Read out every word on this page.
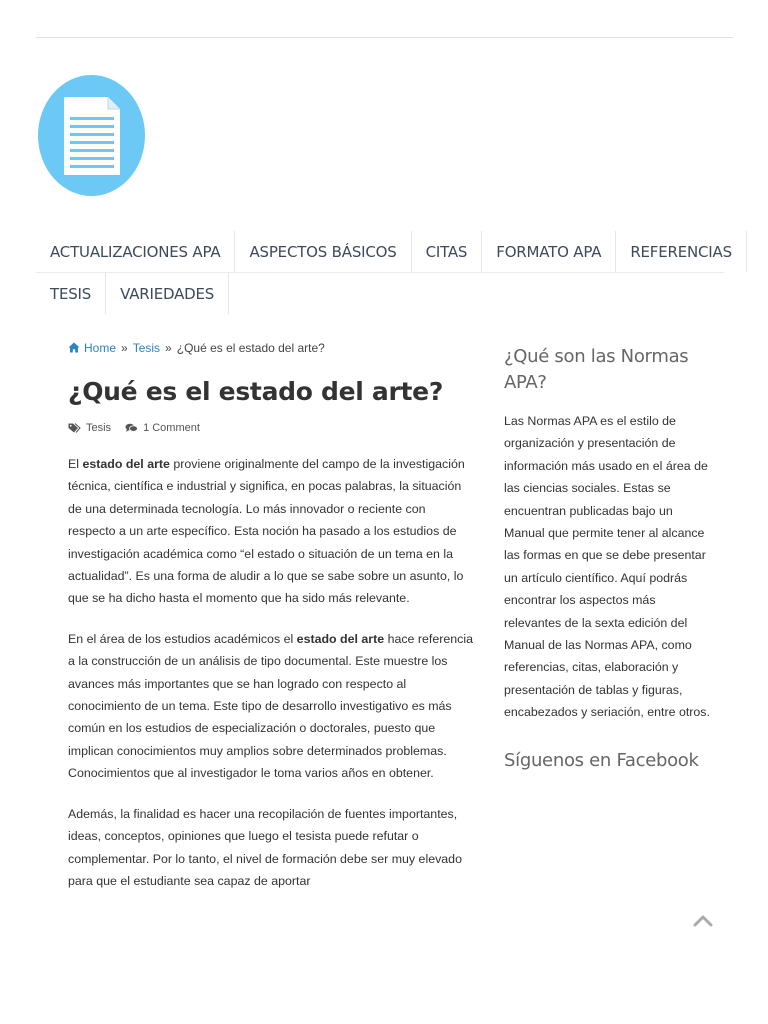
ACTUALIZACIONES APA	ASPECTOS BÁSICOS	CITAS	FORMATO APA	REFERENCIAS
TESIS	VARIEDADES
Home » Tesis » ¿Qué es el estado del arte?
¿Qué es el estado del arte?
Tesis	1 Comment

El estado del arte proviene originalmente del campo de la investigación técnica, científica e industrial y significa, en pocas palabras, la situación de una determinada tecnología. Lo más innovador o reciente con respecto a un arte específico. Esta noción ha pasado a los estudios de investigación académica como “el estado o situación de un tema en la actualidad”. Es una forma de aludir a lo que se sabe sobre un asunto, lo que se ha dicho hasta el momento que ha sido más relevante.

En el área de los estudios académicos el estado del arte hace referencia a la construcción de un análisis de tipo documental. Este muestre los avances más importantes que se han logrado con respecto al conocimiento de un tema. Este tipo de desarrollo investigativo es más común en los estudios de especialización o doctorales, puesto que implican conocimientos muy amplios sobre determinados problemas. Conocimientos que al investigador le toma varios años en obtener.

Además, la finalidad es hacer una recopilación de fuentes importantes, ideas, conceptos, opiniones que luego el tesista puede refutar o complementar. Por lo tanto, el nivel de formación debe ser muy elevado para que el estudiante sea capaz de aportar

¿Qué son las Normas APA?

Las Normas APA es el estilo de organización y presentación de información más usado en el área de las ciencias sociales. Estas se encuentran publicadas bajo un Manual que permite tener al alcance las formas en que se debe presentar un artículo científico. Aquí podrás encontrar los aspectos más relevantes de la sexta edición del Manual de las Normas APA, como referencias, citas, elaboración y presentación de tablas y figuras, encabezados y seriación, entre otros.

Síguenos en Facebook
